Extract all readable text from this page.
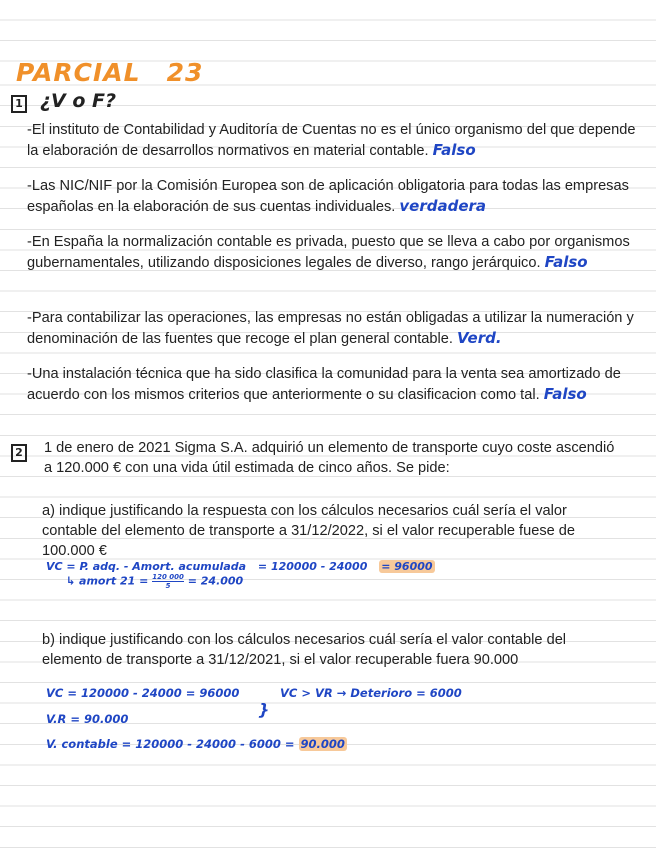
PARCIAL 23
1 ¿V o F?
-El instituto de Contabilidad y Auditoría de Cuentas no es el único organismo del que depende la elaboración de desarrollos normativos en material contable. Falso
-Las NIC/NIF por la Comisión Europea son de aplicación obligatoria para todas las empresas españolas en la elaboración de sus cuentas individuales. verdadera
-En España la normalización contable es privada, puesto que se lleva a cabo por organismos gubernamentales, utilizando disposiciones legales de diverso, rango jerárquico. Falso
-Para contabilizar las operaciones, las empresas no están obligadas a utilizar la numeración y denominación de las fuentes que recoge el plan general contable. Verd.
-Una instalación técnica que ha sido clasifica la comunidad para la venta sea amortizado de acuerdo con los mismos criterios que anteriormente o su clasificacion como tal. Falso
2 1 de enero de 2021 Sigma S.A. adquirió un elemento de transporte cuyo coste ascendió a 120.000 € con una vida útil estimada de cinco años. Se pide:
a) indique justificando la respuesta con los cálculos necesarios cuál sería el valor contable del elemento de transporte a 31/12/2022, si el valor recuperable fuese de 100.000 €
VC = P. adq. - Amort. acumulada = 120000 - 24000 = 96000
↳ amort $21 = \frac{120 000}{5} = 24.000$
b) indique justificando con los cálculos necesarios cuál sería el valor contable del elemento de transporte a 31/12/2021, si el valor recuperable fuera 90.000
VC = 120000 - 24000 = 96000
}
VC > VR → Deterioro = 6000
V.R = 90.000
V. contable = 120000 - 24000 - 6000 = 90.000
